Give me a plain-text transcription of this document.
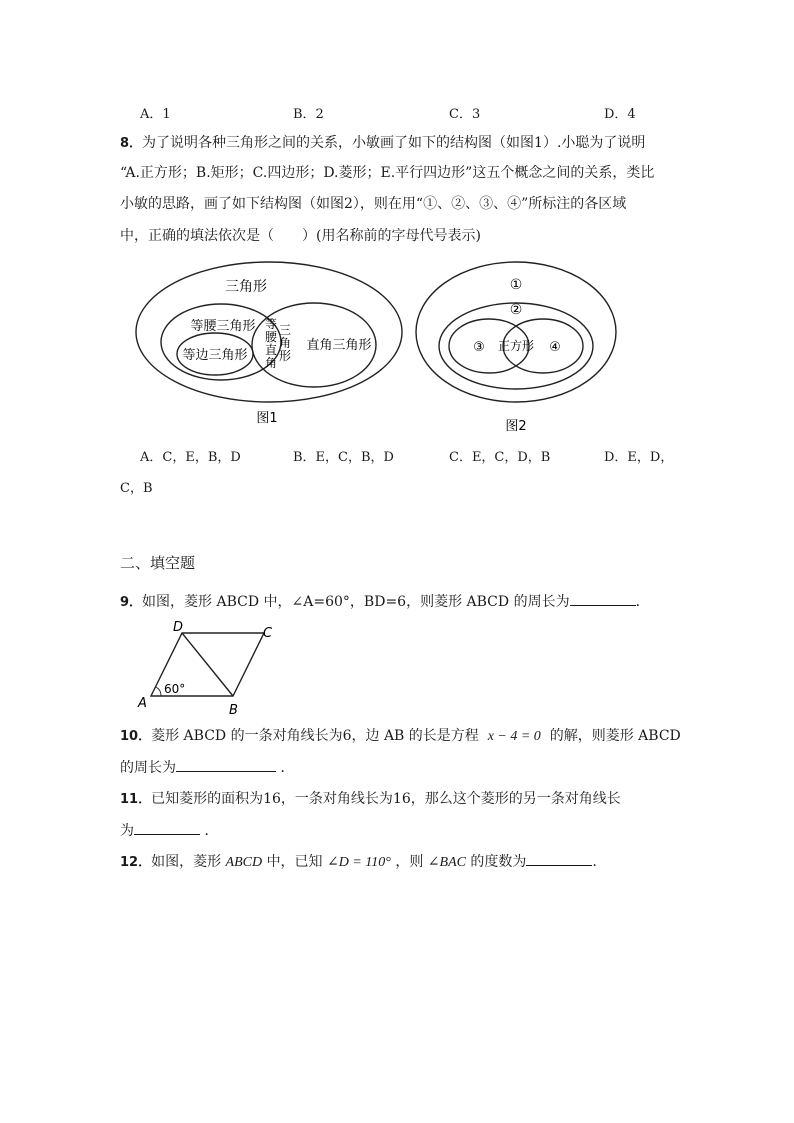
A．1	B．2	C．3	D．4
8．为了说明各种三角形之间的关系，小敏画了如下的结构图（如图1）.小聪为了说明
“A.正方形；B.矩形；C.四边形；D.菱形；E.平行四边形”这五个概念之间的关系，类比
小敏的思路，画了如下结构图（如图2），则在用“①、②、③、④”所标注的各区域
中，正确的填法依次是（　　）(用名称前的字母代号表示)
三角形
等腰三角形
等边三角形
直角三角形
等
腰
直
角
三
角
形
图1
①
②
③	④
正方形
图2
A．C，E，B，D	B．E，C，B，D	C．E，C，D，B	D．E，D，
C，B
二、填空题
9．如图，菱形 ABCD 中，∠A=60°，BD=6，则菱形 ABCD 的周长为	．
60°
A	B
C
D
10．菱形 ABCD 的一条对角线长为6，边 AB 的长是方程 x − 4 = 0 的解，则菱形 ABCD
的周长为	．
11．已知菱形的面积为16，一条对角线长为16，那么这个菱形的另一条对角线长
为	．
12．如图，菱形 ABCD 中，已知 ∠D = 110° ，则 ∠BAC 的度数为	.
